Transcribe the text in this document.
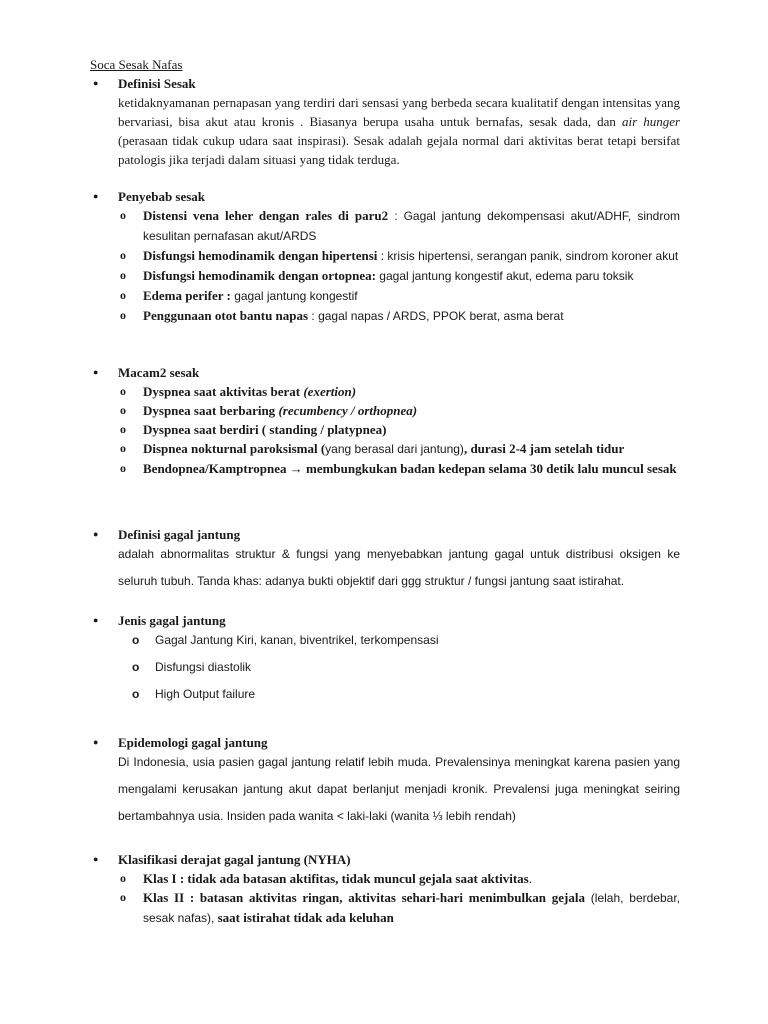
Soca Sesak Nafas
● Definisi Sesak
ketidaknyamanan pernapasan yang terdiri dari sensasi yang berbeda secara kualitatif dengan intensitas yang bervariasi, bisa akut atau kronis . Biasanya berupa usaha untuk bernafas, sesak dada, dan air hunger (perasaan tidak cukup udara saat inspirasi). Sesak adalah gejala normal dari aktivitas berat tetapi bersifat patologis jika terjadi dalam situasi yang tidak terduga.
● Penyebab sesak
o Distensi vena leher dengan rales di paru2 : Gagal jantung dekompensasi akut/ADHF, sindrom kesulitan pernafasan akut/ARDS
o Disfungsi hemodinamik dengan hipertensi : krisis hipertensi, serangan panik, sindrom koroner akut
o Disfungsi hemodinamik dengan ortopnea: gagal jantung kongestif akut, edema paru toksik
o Edema perifer : gagal jantung kongestif
o Penggunaan otot bantu napas : gagal napas / ARDS, PPOK berat, asma berat
● Macam2 sesak
o Dyspnea saat aktivitas berat (exertion)
o Dyspnea saat berbaring (recumbency / orthopnea)
o Dyspnea saat berdiri ( standing / platypnea)
o Dispnea nokturnal paroksismal (yang berasal dari jantung), durasi 2-4 jam setelah tidur
o Bendopnea/Kamptropnea → membungkukan badan kedepan selama 30 detik lalu muncul sesak
● Definisi gagal jantung
adalah abnormalitas struktur & fungsi yang menyebabkan jantung gagal untuk distribusi oksigen ke seluruh tubuh. Tanda khas: adanya bukti objektif dari ggg struktur / fungsi jantung saat istirahat.
● Jenis gagal jantung
o Gagal Jantung Kiri, kanan, biventrikel, terkompensasi
o Disfungsi diastolik
o High Output failure
● Epidemologi gagal jantung
Di Indonesia, usia pasien gagal jantung relatif lebih muda. Prevalensinya meningkat karena pasien yang mengalami kerusakan jantung akut dapat berlanjut menjadi kronik. Prevalensi juga meningkat seiring bertambahnya usia. Insiden pada wanita < laki-laki (wanita ⅓ lebih rendah)
● Klasifikasi derajat gagal jantung (NYHA)
o Klas I : tidak ada batasan aktifitas, tidak muncul gejala saat aktivitas.
o Klas II : batasan aktivitas ringan, aktivitas sehari-hari menimbulkan gejala (lelah, berdebar, sesak nafas), saat istirahat tidak ada keluhan
